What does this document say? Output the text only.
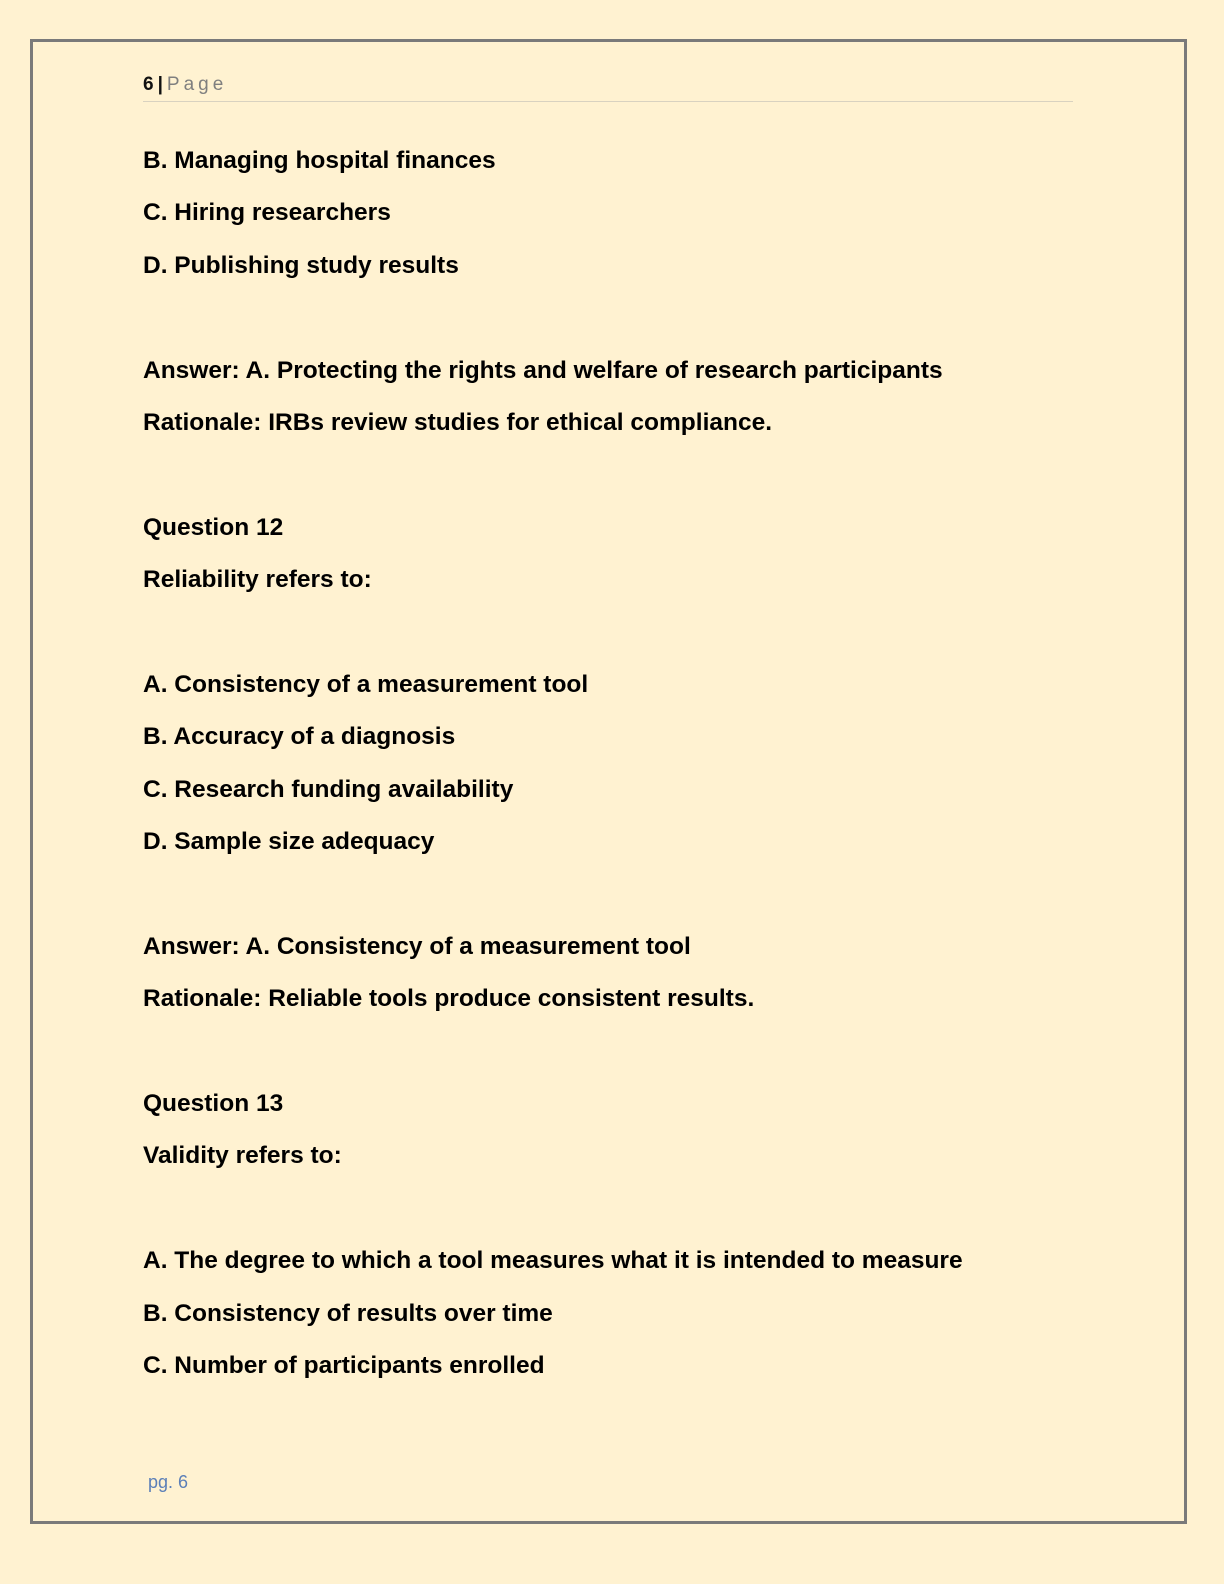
6 | Page
B. Managing hospital finances
C. Hiring researchers
D. Publishing study results
Answer: A. Protecting the rights and welfare of research participants
Rationale: IRBs review studies for ethical compliance.
Question 12
Reliability refers to:
A. Consistency of a measurement tool
B. Accuracy of a diagnosis
C. Research funding availability
D. Sample size adequacy
Answer: A. Consistency of a measurement tool
Rationale: Reliable tools produce consistent results.
Question 13
Validity refers to:
A. The degree to which a tool measures what it is intended to measure
B. Consistency of results over time
C. Number of participants enrolled
pg. 6
